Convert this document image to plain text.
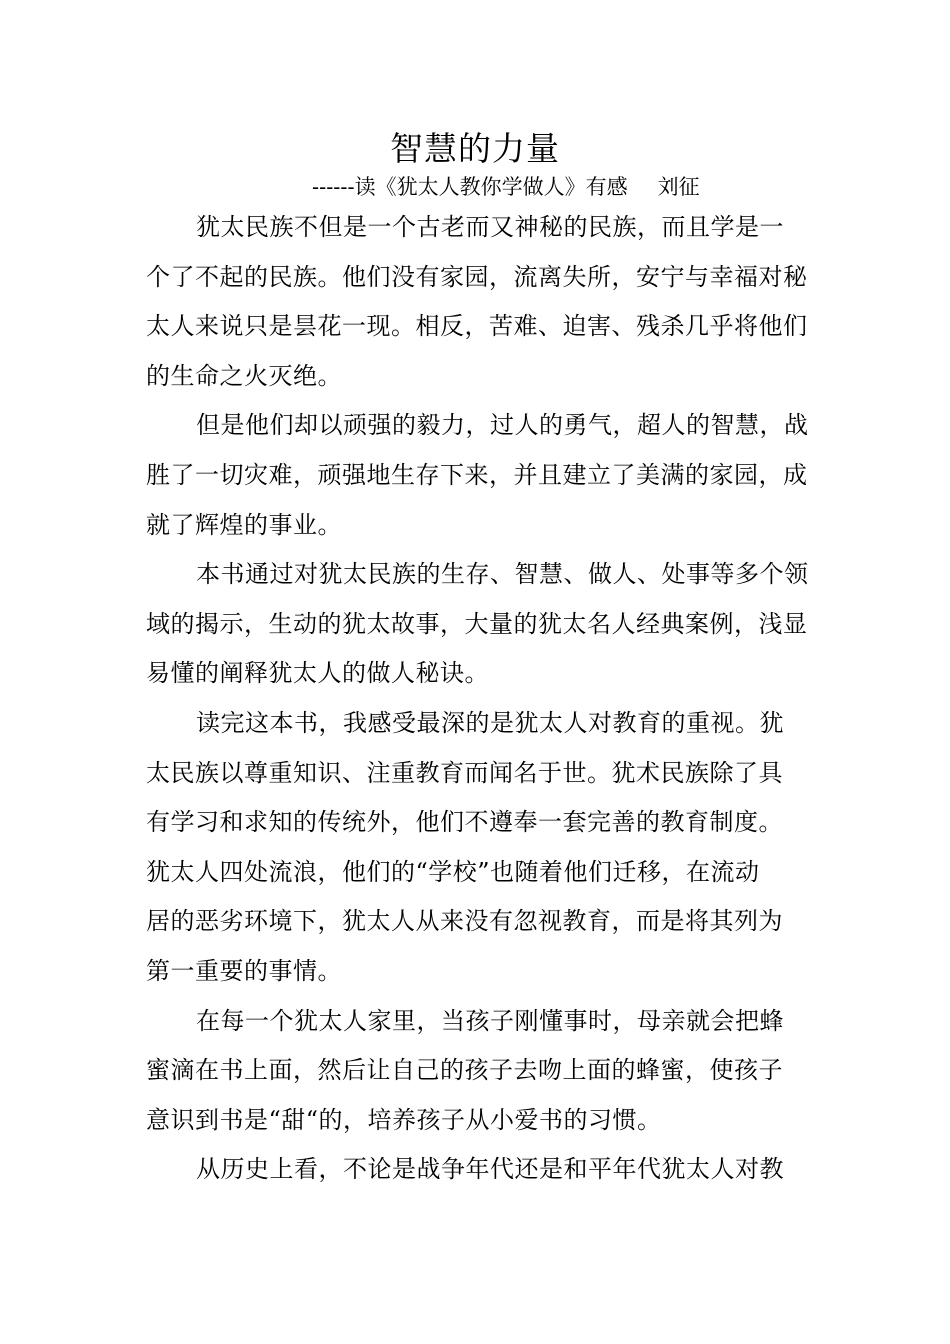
智慧的力量
------读《犹太人教你学做人》有感 刘征

犹太民族不但是一个古老而又神秘的民族，而且学是一
个了不起的民族。他们没有家园，流离失所，安宁与幸福对秘
太人来说只是昙花一现。相反，苦难、迫害、残杀几乎将他们
的生命之火灭绝。

但是他们却以顽强的毅力，过人的勇气，超人的智慧，战
胜了一切灾难，顽强地生存下来，并且建立了美满的家园，成
就了辉煌的事业。

本书通过对犹太民族的生存、智慧、做人、处事等多个领
域的揭示，生动的犹太故事，大量的犹太名人经典案例，浅显
易懂的阐释犹太人的做人秘诀。

读完这本书，我感受最深的是犹太人对教育的重视。犹
太民族以尊重知识、注重教育而闻名于世。犹术民族除了具
有学习和求知的传统外，他们不遵奉一套完善的教育制度。
犹太人四处流浪，他们的“学校”也随着他们迁移，在流动
居的恶劣环境下，犹太人从来没有忽视教育，而是将其列为
第一重要的事情。

在每一个犹太人家里，当孩子刚懂事时，母亲就会把蜂
蜜滴在书上面，然后让自己的孩子去吻上面的蜂蜜，使孩子
意识到书是“甜“的，培养孩子从小爱书的习惯。

从历史上看，不论是战争年代还是和平年代犹太人对教
